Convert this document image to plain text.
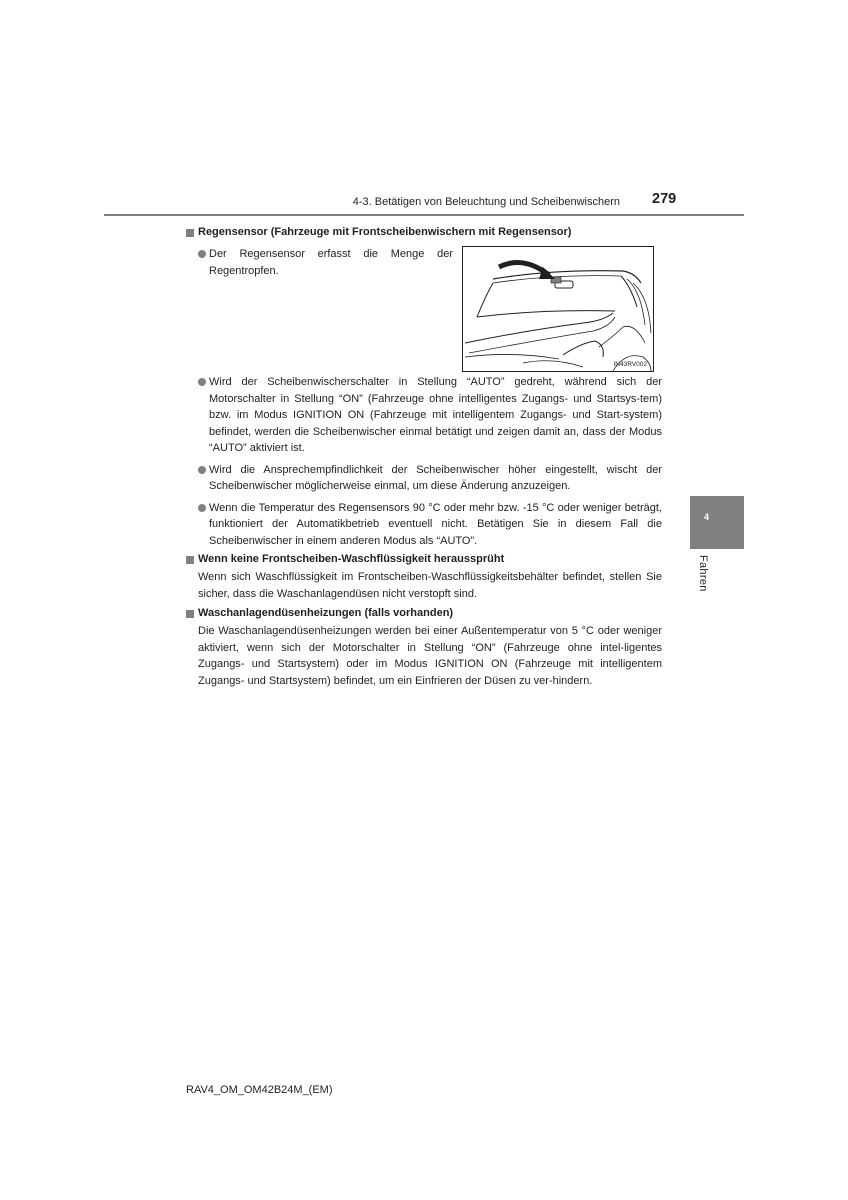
4-3. Betätigen von Beleuchtung und Scheibenwischern 279
4
Fahren
IN43RV002

Regensensor (Fahrzeuge mit Frontscheibenwischern mit Regensensor)

Der Regensensor erfasst die Menge der Regentropfen.

Wird der Scheibenwischerschalter in Stellung “AUTO” gedreht, während sich der Motorschalter in Stellung “ON” (Fahrzeuge ohne intelligentes Zugangs- und Startsys-tem) bzw. im Modus IGNITION ON (Fahrzeuge mit intelligentem Zugangs- und Start-system) befindet, werden die Scheibenwischer einmal betätigt und zeigen damit an, dass der Modus “AUTO” aktiviert ist.

Wird die Ansprechempfindlichkeit der Scheibenwischer höher eingestellt, wischt der Scheibenwischer möglicherweise einmal, um diese Änderung anzuzeigen.

Wenn die Temperatur des Regensensors 90 °C oder mehr bzw. -15 °C oder weniger beträgt, funktioniert der Automatikbetrieb eventuell nicht. Betätigen Sie in diesem Fall die Scheibenwischer in einem anderen Modus als “AUTO”.

Wenn keine Frontscheiben-Waschflüssigkeit heraussprüht

Wenn sich Waschflüssigkeit im Frontscheiben-Waschflüssigkeitsbehälter befindet, stellen Sie sicher, dass die Waschanlagendüsen nicht verstopft sind.

Waschanlagendüsenheizungen (falls vorhanden)

Die Waschanlagendüsenheizungen werden bei einer Außentemperatur von 5 °C oder weniger aktiviert, wenn sich der Motorschalter in Stellung “ON” (Fahrzeuge ohne intel-ligentes Zugangs- und Startsystem) oder im Modus IGNITION ON (Fahrzeuge mit intelligentem Zugangs- und Startsystem) befindet, um ein Einfrieren der Düsen zu ver-hindern.

RAV4_OM_OM42B24M_(EM)
